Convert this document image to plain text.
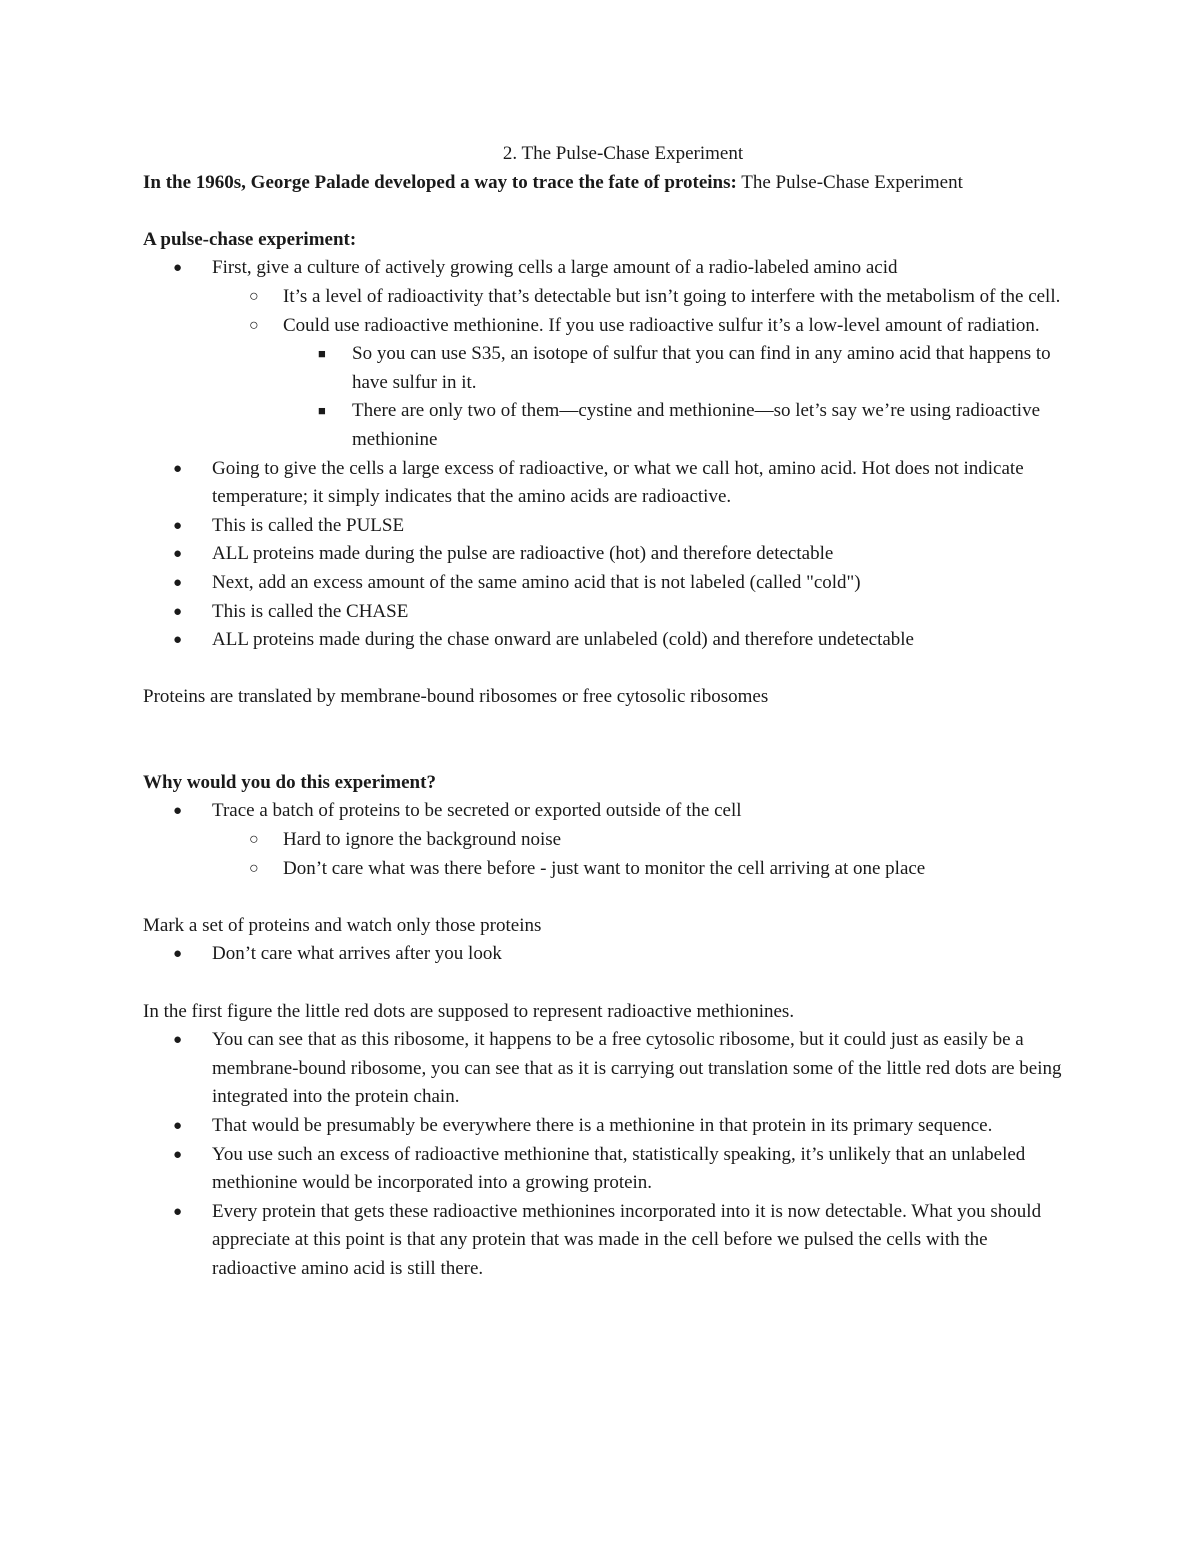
2. The Pulse-Chase Experiment

In the 1960s, George Palade developed a way to trace the fate of proteins: The Pulse-Chase Experiment

A pulse-chase experiment:

● First, give a culture of actively growing cells a large amount of a radio-labeled amino acid
○ It’s a level of radioactivity that’s detectable but isn’t going to interfere with the metabolism of the cell.
○ Could use radioactive methionine. If you use radioactive sulfur it’s a low-level amount of radiation.
■ So you can use S35, an isotope of sulfur that you can find in any amino acid that happens to have sulfur in it.
■ There are only two of them—cystine and methionine—so let’s say we’re using radioactive methionine
● Going to give the cells a large excess of radioactive, or what we call hot, amino acid. Hot does not indicate temperature; it simply indicates that the amino acids are radioactive.
● This is called the PULSE
● ALL proteins made during the pulse are radioactive (hot) and therefore detectable
● Next, add an excess amount of the same amino acid that is not labeled (called "cold")
● This is called the CHASE
● ALL proteins made during the chase onward are unlabeled (cold) and therefore undetectable

Proteins are translated by membrane-bound ribosomes or free cytosolic ribosomes

Why would you do this experiment?

● Trace a batch of proteins to be secreted or exported outside of the cell
○ Hard to ignore the background noise
○ Don’t care what was there before - just want to monitor the cell arriving at one place

Mark a set of proteins and watch only those proteins

● Don’t care what arrives after you look

In the first figure the little red dots are supposed to represent radioactive methionines.

● You can see that as this ribosome, it happens to be a free cytosolic ribosome, but it could just as easily be a membrane-bound ribosome, you can see that as it is carrying out translation some of the little red dots are being integrated into the protein chain.
● That would be presumably be everywhere there is a methionine in that protein in its primary sequence.
● You use such an excess of radioactive methionine that, statistically speaking, it’s unlikely that an unlabeled methionine would be incorporated into a growing protein.
● Every protein that gets these radioactive methionines incorporated into it is now detectable. What you should appreciate at this point is that any protein that was made in the cell before we pulsed the cells with the radioactive amino acid is still there.
